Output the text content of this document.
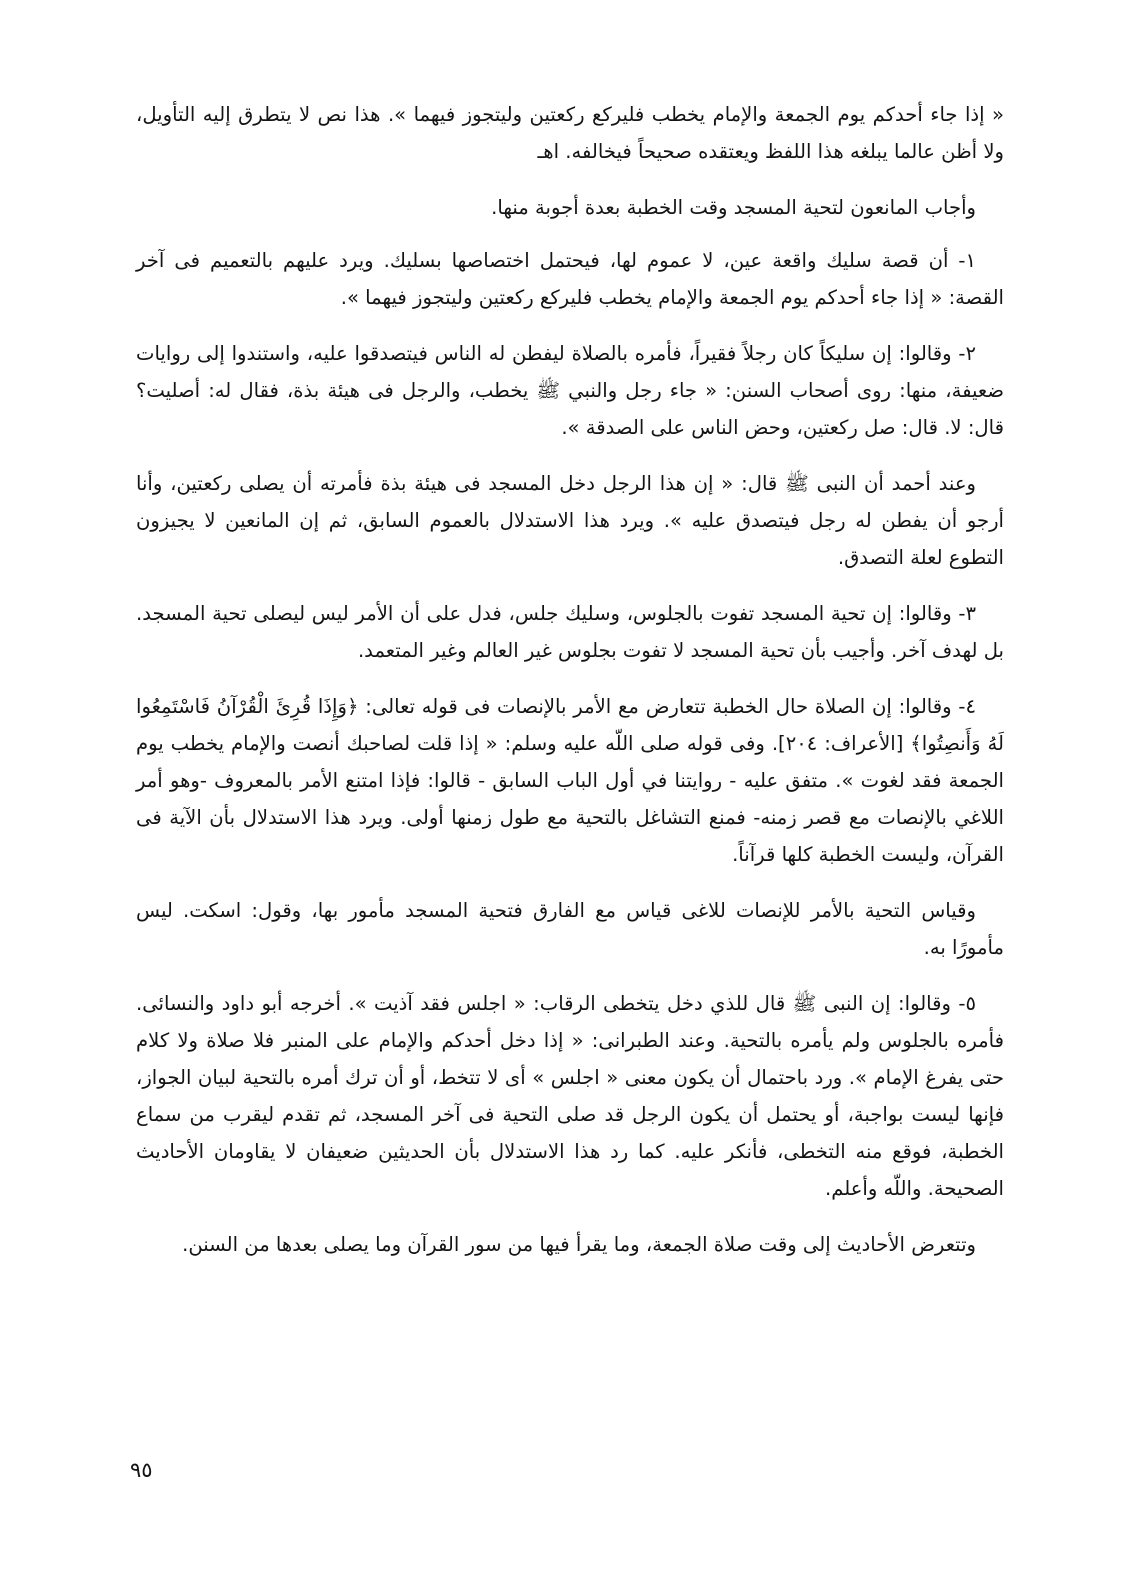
« إذا جاء أحدكم يوم الجمعة والإمام يخطب فليركع ركعتين وليتجوز فيهما ». هذا نص لا يتطرق إليه التأويل، ولا أظن عالما يبلغه هذا اللفظ ويعتقده صحيحاً فيخالفه. اهـ

وأجاب المانعون لتحية المسجد وقت الخطبة بعدة أجوبة منها.

١- أن قصة سليك واقعة عين، لا عموم لها، فيحتمل اختصاصها بسليك. ويرد عليهم بالتعميم فى آخر القصة: « إذا جاء أحدكم يوم الجمعة والإمام يخطب فليركع ركعتين وليتجوز فيهما ».

٢- وقالوا: إن سليكاً كان رجلاً فقيراً، فأمره بالصلاة ليفطن له الناس فيتصدقوا عليه، واستندوا إلى روايات ضعيفة، منها: روى أصحاب السنن: « جاء رجل والنبي ﷺ يخطب، والرجل فى هيئة بذة، فقال له: أصليت؟ قال: لا. قال: صل ركعتين، وحض الناس على الصدقة ».

وعند أحمد أن النبى ﷺ قال: « إن هذا الرجل دخل المسجد فى هيئة بذة فأمرته أن يصلى ركعتين، وأنا أرجو أن يفطن له رجل فيتصدق عليه ». ويرد هذا الاستدلال بالعموم السابق، ثم إن المانعين لا يجيزون التطوع لعلة التصدق.

٣- وقالوا: إن تحية المسجد تفوت بالجلوس، وسليك جلس، فدل على أن الأمر ليس ليصلى تحية المسجد. بل لهدف آخر. وأجيب بأن تحية المسجد لا تفوت بجلوس غير العالم وغير المتعمد.

٤- وقالوا: إن الصلاة حال الخطبة تتعارض مع الأمر بالإنصات فى قوله تعالى: ﴿وَإِذَا قُرِئَ الْقُرْآنُ فَاسْتَمِعُوا لَهُ وَأَنصِتُوا﴾ [الأعراف: ٢٠٤]. وفى قوله صلى اللّه عليه وسلم: « إذا قلت لصاحبك أنصت والإمام يخطب يوم الجمعة فقد لغوت ». متفق عليه - روايتنا في أول الباب السابق - قالوا: فإذا امتنع الأمر بالمعروف -وهو أمر اللاغي بالإنصات مع قصر زمنه- فمنع التشاغل بالتحية مع طول زمنها أولى. ويرد هذا الاستدلال بأن الآية فى القرآن، وليست الخطبة كلها قرآناً.

وقياس التحية بالأمر للإنصات للاغى قياس مع الفارق فتحية المسجد مأمور بها، وقول: اسكت. ليس مأمورًا به.

٥- وقالوا: إن النبى ﷺ قال للذي دخل يتخطى الرقاب: « اجلس فقد آذيت ». أخرجه أبو داود والنسائى. فأمره بالجلوس ولم يأمره بالتحية. وعند الطبرانى: « إذا دخل أحدكم والإمام على المنبر فلا صلاة ولا كلام حتى يفرغ الإمام ». ورد باحتمال أن يكون معنى « اجلس » أى لا تتخط، أو أن ترك أمره بالتحية لبيان الجواز، فإنها ليست بواجبة، أو يحتمل أن يكون الرجل قد صلى التحية فى آخر المسجد، ثم تقدم ليقرب من سماع الخطبة، فوقع منه التخطى، فأنكر عليه. كما رد هذا الاستدلال بأن الحديثين ضعيفان لا يقاومان الأحاديث الصحيحة. واللّه وأعلم.

وتتعرض الأحاديث إلى وقت صلاة الجمعة، وما يقرأ فيها من سور القرآن وما يصلى بعدها من السنن.

٩٥
